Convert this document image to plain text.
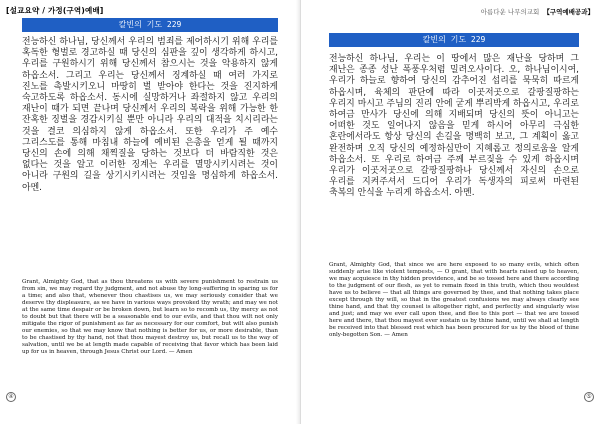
[설교요약 / 가정(구역)예배]
칼빈의 기도 229
전능하신 하나님, 당신께서 우리의 범죄를 제어하시기 위해 우리를 혹독한 형벌로 경고하실 때 당신의 심판을 깊이 생각하게 하시고, 우리를 구원하시기 위해 당신께서 참으시는 것을 악용하지 않게 하옵소서. 그리고 우리는 당신께서 징계하실 때 여러 가지로 진노를 촉발시키오니 마땅히 벌 받아야 한다는 것을 진지하게 숙고하도록 하옵소서. 동시에 실망하거나 좌절하지 않고 우리의 재난이 때가 되면 끝나며 당신께서 우리의 복락을 위해 가능한 한 잔혹한 징벌을 경감시키실 뿐만 아니라 우리의 대적을 치시리라는 것을 결코 의심하지 않게 하옵소서. 또한 우리가 주 예수 그리스도를 통해 마침내 하늘에 예비된 은총을 얻게 될 때까지 당신의 손에 의해 채찍질을 당하는 것보다 더 바람직한 것은 없다는 것을 알고 이러한 징계는 우리를 멸망시키시려는 것이 아니라 구원의 길을 상기시키시려는 것임을 명심하게 하옵소서. 아멘.
Grant, Almighty God, that as thou threatens us with severe punishment to restrain us from sin, we may regard thy judgment, and not abuse thy long-suffering in sparing us for a time; and also that, whenever thou chastises us, we may seriously consider that we deserve thy displeasure, as we have in various ways provoked thy wrath; and may we not at the same time despair or be broken down, but learn so to recomb us, thy mercy as not to doubt but that there will be a seasonable end to our evils, and that thou wilt not only mitigate the rigor of punishment as far as necessary for our comfort, but wilt also punish our enemies, so that we may know that nothing is better for us, or more desirable, than to be chastised by thy hand, not that thou mayest destroy us, but recall us to the way of salvation, until we be at length made capable of receiving that favor which has been laid up for us in heaven, through Jesus Christ our Lord. — Amen
④
아름다운 나무의교회 【구역예배공과】
칼빈의 기도 229
전능하신 하나님, 우리는 이 땅에서 많은 재난을 당하며 그 재난은 종종 성난 폭풍우처럼 밀려오사이다. 오, 하나님이시여, 우리가 하늘로 향하여 당신의 감추어진 섭리를 묵묵히 따르게 하옵시며, 육체의 판단에 따라 이곳저곳으로 갈팡질팡하는 우리지 마시고 주님의 진리 안에 굳게 뿌리박게 하옵시고, 우리로 하여금 만사가 당신에 의해 지배되며 당신의 뜻이 아니고는 어떠한 것도 일어나지 않음을 믿게 하시어 아무리 극심한 혼란에서라도 항상 당신의 손길을 명백히 보고, 그 계획이 옳고 완전하며 오직 당신의 예정하심만이 지혜롭고 정의로움을 알게 하옵소서. 또 우리로 하여금 주께 부르짖을 수 있게 하옵시며 우리가 이곳저곳으로 갈팡질팡하나 당신께서 자신의 손으로 우리를 지켜주셔서 드디어 우리가 독생자의 피로써 마련된 축복의 안식을 누리게 하옵소서. 아멘.
Grant, Almighty God, that since we are here exposed to so many evils, which often suddenly arise like violent tempests, — O grant, that with hearts raised up to heaven, we may acquiesce in thy hidden providence, and be so tossed here and there according to the judgment of our flesh, as yet to remain fixed in this truth, which thou wouldest have us to believe — that all things are governed by thee, and that nothing takes place except through thy will, so that in the greatest confusions we may always clearly see thine hand, and that thy counsel is altogether right, and perfectly and singularly wise and just; and may we ever call upon thee, and flee to this port — that we are tossed here and there, that thou mayest ever sustain us by thine hand, until we shall at length be received into that blessed rest which has been procured for us by the blood of thine only-begotten Son. — Amen
⑤
